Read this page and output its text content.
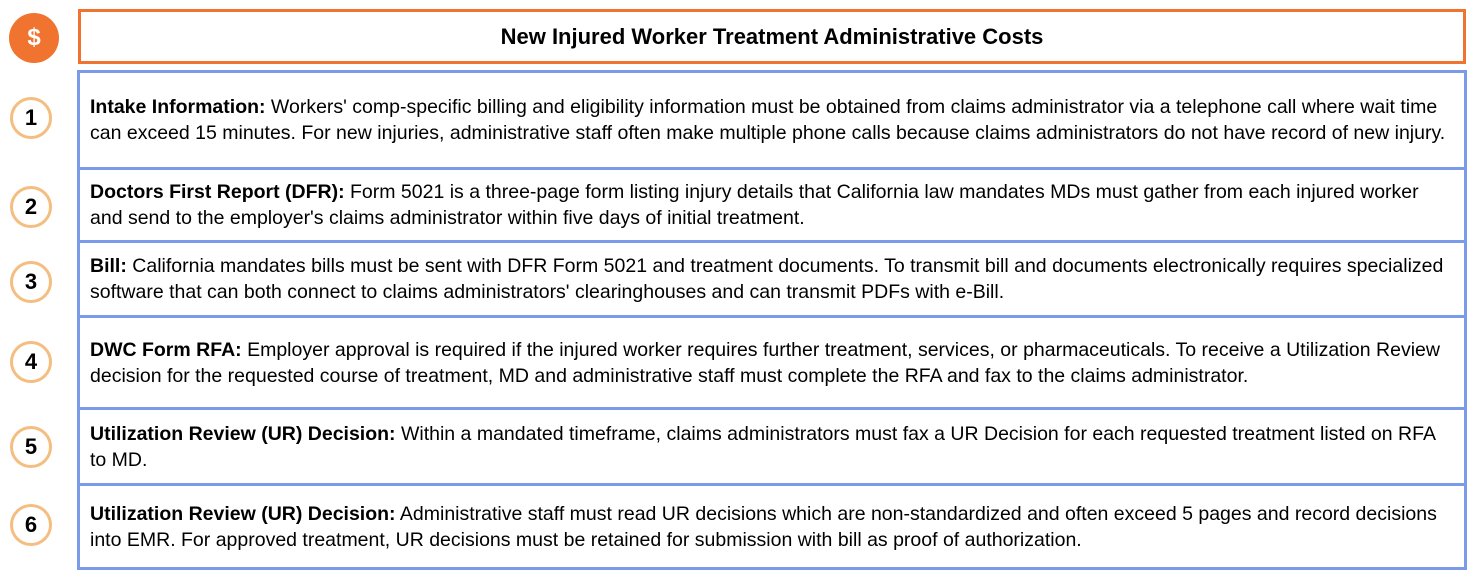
$	New Injured Worker Treatment Administrative Costs
1
2
3
4
5
6
Intake Information: Workers' comp-specific billing and eligibility information must be obtained from claims administrator via a telephone call where wait time can exceed 15 minutes. For new injuries, administrative staff often make multiple phone calls because claims administrators do not have record of new injury.
Doctors First Report (DFR): Form 5021 is a three-page form listing injury details that California law mandates MDs must gather from each injured worker and send to the employer's claims administrator within five days of initial treatment.
Bill: California mandates bills must be sent with DFR Form 5021 and treatment documents. To transmit bill and documents electronically requires specialized software that can both connect to claims administrators' clearinghouses and can transmit PDFs with e-Bill.
DWC Form RFA: Employer approval is required if the injured worker requires further treatment, services, or pharmaceuticals. To receive a Utilization Review decision for the requested course of treatment, MD and administrative staff must complete the RFA and fax to the claims administrator.
Utilization Review (UR) Decision: Within a mandated timeframe, claims administrators must fax a UR Decision for each requested treatment listed on RFA to MD.
Utilization Review (UR) Decision: Administrative staff must read UR decisions which are non-standardized and often exceed 5 pages and record decisions into EMR. For approved treatment, UR decisions must be retained for submission with bill as proof of authorization.
